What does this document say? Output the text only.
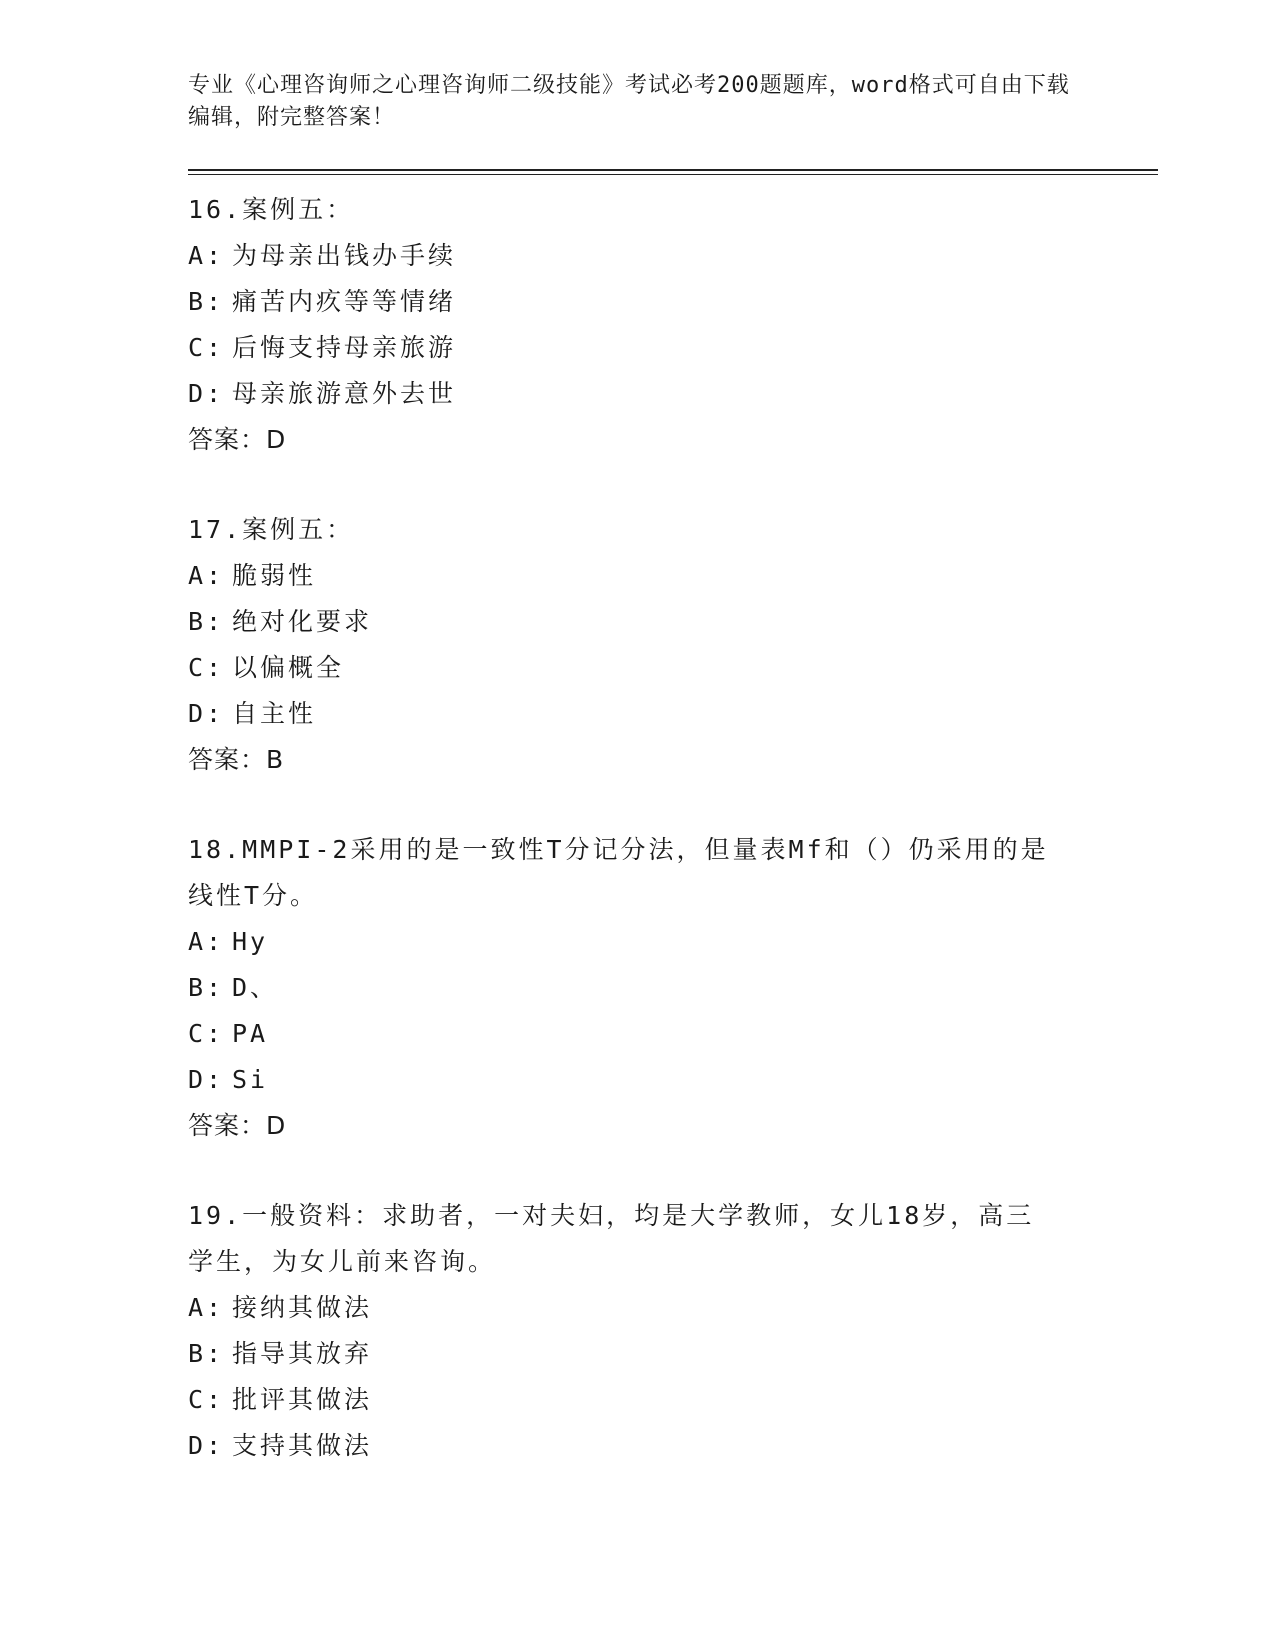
专业《心理咨询师之心理咨询师二级技能》考试必考200题题库，word格式可自由下载编辑，附完整答案！

16.案例五：

A: 为母亲出钱办手续

B: 痛苦内疚等等情绪

C: 后悔支持母亲旅游

D: 母亲旅游意外去世

答案：D

17.案例五：

A: 脆弱性

B: 绝对化要求

C: 以偏概全

D: 自主性

答案：B

18.MMPI-2采用的是一致性T分记分法，但量表Mf和（）仍采用的是线性T分。

A: Hy

B: D、

C: PA

D: Si

答案：D

19.一般资料：求助者，一对夫妇，均是大学教师，女儿18岁，高三学生，为女儿前来咨询。

A: 接纳其做法

B: 指导其放弃

C: 批评其做法

D: 支持其做法
